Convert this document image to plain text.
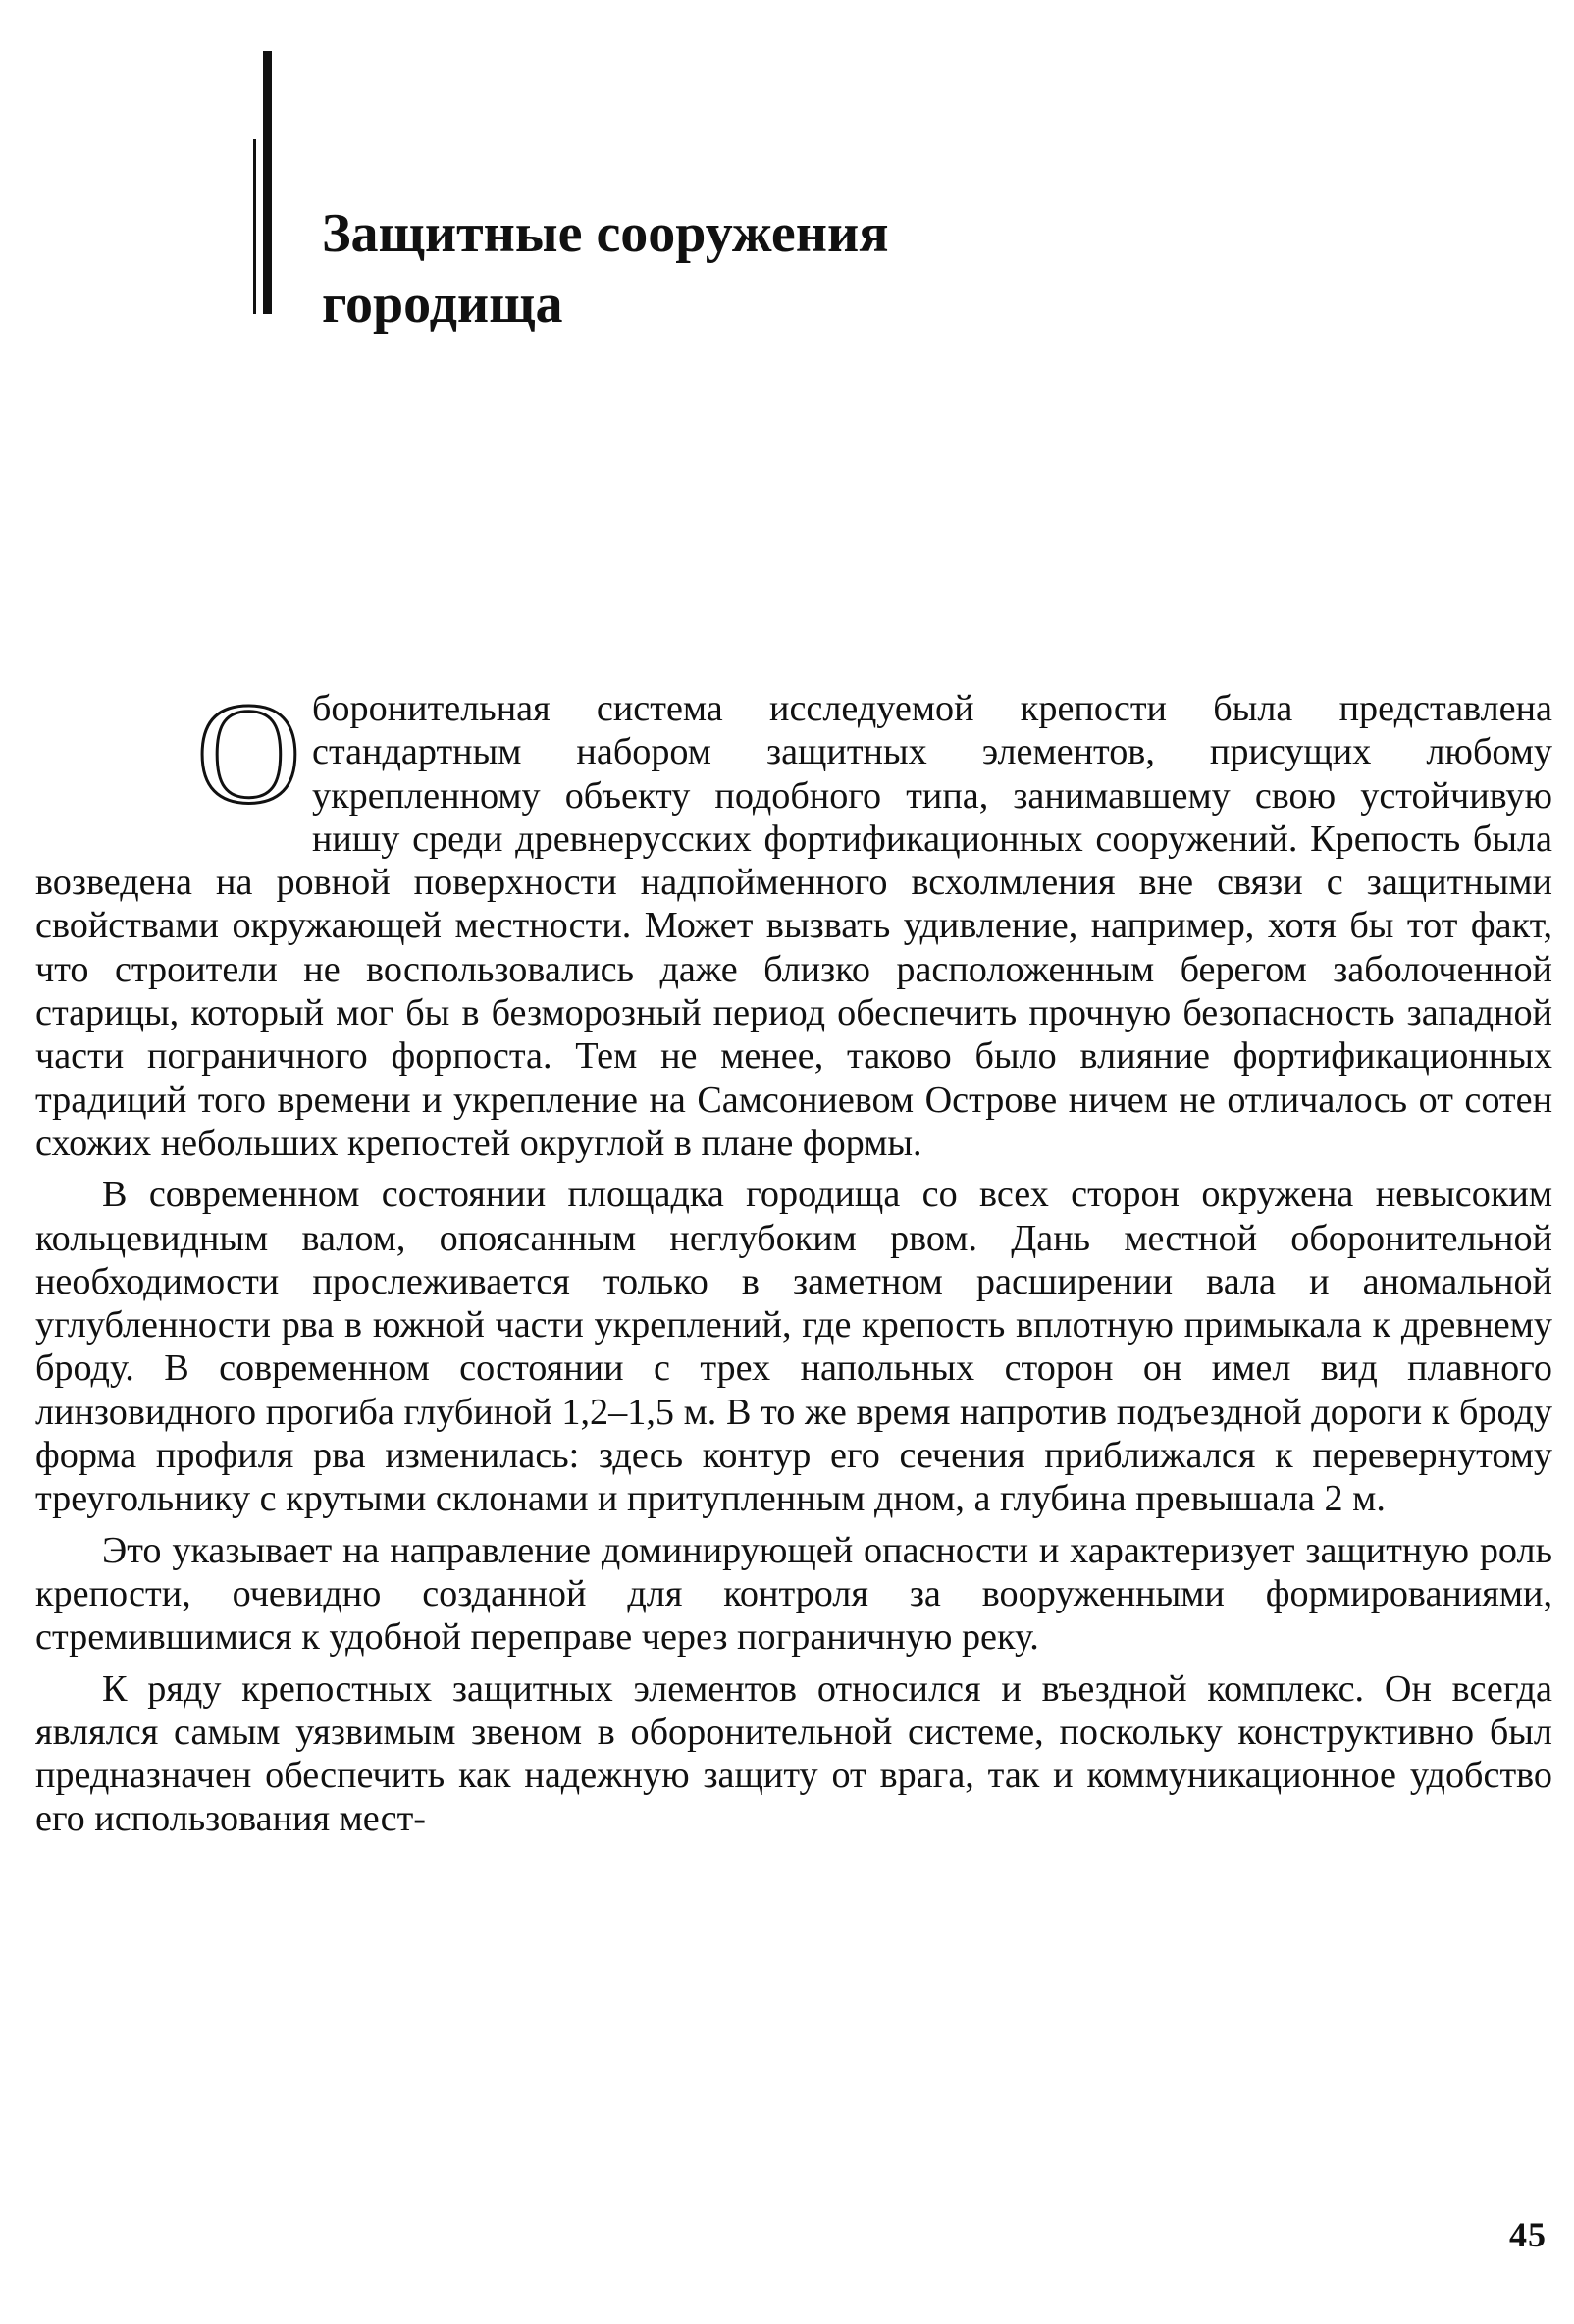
Защитные сооружения
городища

Оборонительная система исследуемой крепости была представлена стандартным набором защитных элементов, присущих любому укрепленному объекту подобного типа, занимавшему свою устойчивую нишу среди древнерусских фортификационных сооружений. Крепость была возведена на ровной поверхности надпойменного всхолмления вне связи с защитными свойствами окружающей местности. Может вызвать удивление, например, хотя бы тот факт, что строители не воспользовались даже близко расположенным берегом заболоченной старицы, который мог бы в безморозный период обеспечить прочную безопасность западной части пограничного форпоста. Тем не менее, таково было влияние фортификационных традиций того времени и укрепление на Самсониевом Острове ничем не отличалось от сотен схожих небольших крепостей округлой в плане формы.

В современном состоянии площадка городища со всех сторон окружена невысоким кольцевидным валом, опоясанным неглубоким рвом. Дань местной оборонительной необходимости прослеживается только в заметном расширении вала и аномальной углубленности рва в южной части укреплений, где крепость вплотную примыкала к древнему броду. В современном состоянии с трех напольных сторон он имел вид плавного линзовидного прогиба глубиной 1,2–1,5 м. В то же время напротив подъездной дороги к броду форма профиля рва изменилась: здесь контур его сечения приближался к перевернутому треугольнику с крутыми склонами и притупленным дном, а глубина превышала 2 м.

Это указывает на направление доминирующей опасности и характеризует защитную роль крепости, очевидно созданной для контроля за вооруженными формированиями, стремившимися к удобной переправе через пограничную реку.

К ряду крепостных защитных элементов относился и въездной комплекс. Он всегда являлся самым уязвимым звеном в оборонительной системе, поскольку конструктивно был предназначен обеспечить как надежную защиту от врага, так и коммуникационное удобство его использования мест-

45
